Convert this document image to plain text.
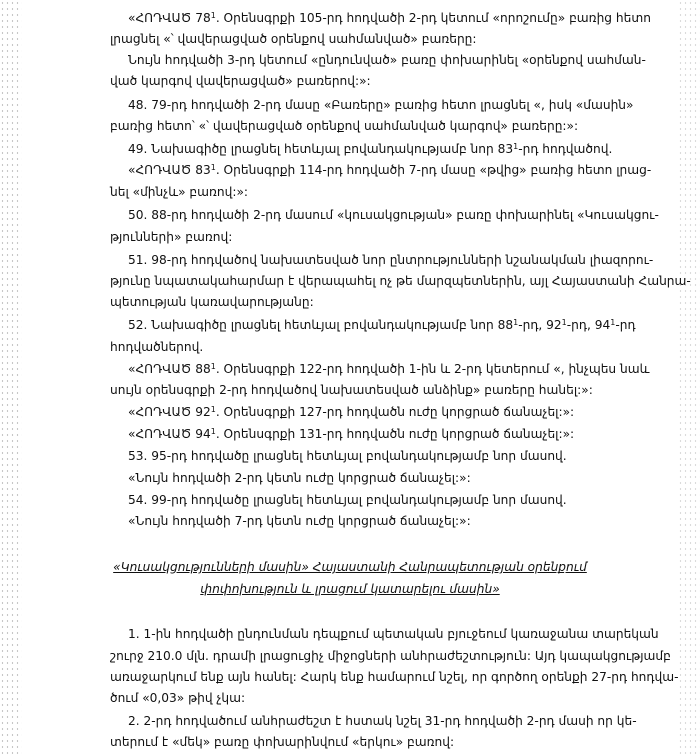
«ՀՈԴՎԱԾ $78^1$. Օրենսգրքի 105-րդ հոդվածի 2-րդ կետում «որոշումը» բառից հետո
լրացնել «՝ վավերացված օրենքով սահմանված» բառերը:
Նույն հոդվածի 3-րդ կետում «ընդունված» բառը փոխարինել «օրենքով սահման-
ված կարգով վավերացված» բառերով:»:
48. 79-րդ հոդվածի 2-րդ մասը «Բառերը» բառից հետո լրացնել «, իսկ «մասին»
բառից հետո՝ «՝ վավերացված օրենքով սահմանված կարգով» բառերը:»:
49. Նախագիծը լրացնել հետևյալ բովանդակությամբ նոր $83^1-րդ$ հոդվածով.
«ՀՈԴՎԱԾ $83^1$. Օրենսգրքի 114-րդ հոդվածի 7-րդ մասը «թվից» բառից հետո լրաց-
նել «մինչև» բառով:»:
50. 88-րդ հոդվածի 2-րդ մասում «կուսակցության» բառը փոխարինել «Կուսակցու-
թյունների» բառով:
51. 98-րդ հոդվածով նախատեսված նոր ընտրությունների նշանակման լիազորու-
թյունը նպատակահարմար է վերապահել ոչ թե մարզպետներին, այլ Հայաստանի Հանրա-
պետության կառավարությանը:
52. Նախագիծը լրացնել հետևյալ բովանդակությամբ նոր $88^1-րդ$, $92^1-րդ$, $94^1-րդ$
հոդվածներով.
«ՀՈԴՎԱԾ $88^1$. Օրենսգրքի 122-րդ հոդվածի 1-ին և 2-րդ կետերում «, ինչպես նաև
սույն օրենսգրքի 2-րդ հոդվածով նախատեսված անձինք» բառերը հանել:»:
«ՀՈԴՎԱԾ $92^1$. Օրենսգրքի 127-րդ հոդվածն ուժը կորցրած ճանաչել:»:
«ՀՈԴՎԱԾ $94^1$. Օրենսգրքի 131-րդ հոդվածն ուժը կորցրած ճանաչել:»:
53. 95-րդ հոդվածը լրացնել հետևյալ բովանդակությամբ նոր մասով.
«Նույն հոդվածի 2-րդ կետն ուժը կորցրած ճանաչել:»:
54. 99-րդ հոդվածը լրացնել հետևյալ բովանդակությամբ նոր մասով.
«Նույն հոդվածի 7-րդ կետն ուժը կորցրած ճանաչել:»:
«Կուսակցությունների մասին» Հայաստանի Հանրապետության օրենքում
փոփոխություն և լրացում կատարելու մասին»
1. 1-ին հոդվածի ընդունման դեպքում պետական բյուջեում կառաջանա տարեկան
շուրջ 210.0 մլն. դրամի լրացուցիչ միջոցների անհրաժեշտություն: Այդ կապակցությամբ
առաջարկում ենք այն հանել: Հարկ ենք համարում նշել, որ գործող օրենքի 27-րդ հոդվա-
ծում «0,03» թիվ չկա:
2. 2-րդ հոդվածում անհրաժեշտ է հստակ նշել 31-րդ հոդվածի 2-րդ մասի որ կե-
տերում է «մեկ» բառը փոխարինվում «երկու» բառով:
